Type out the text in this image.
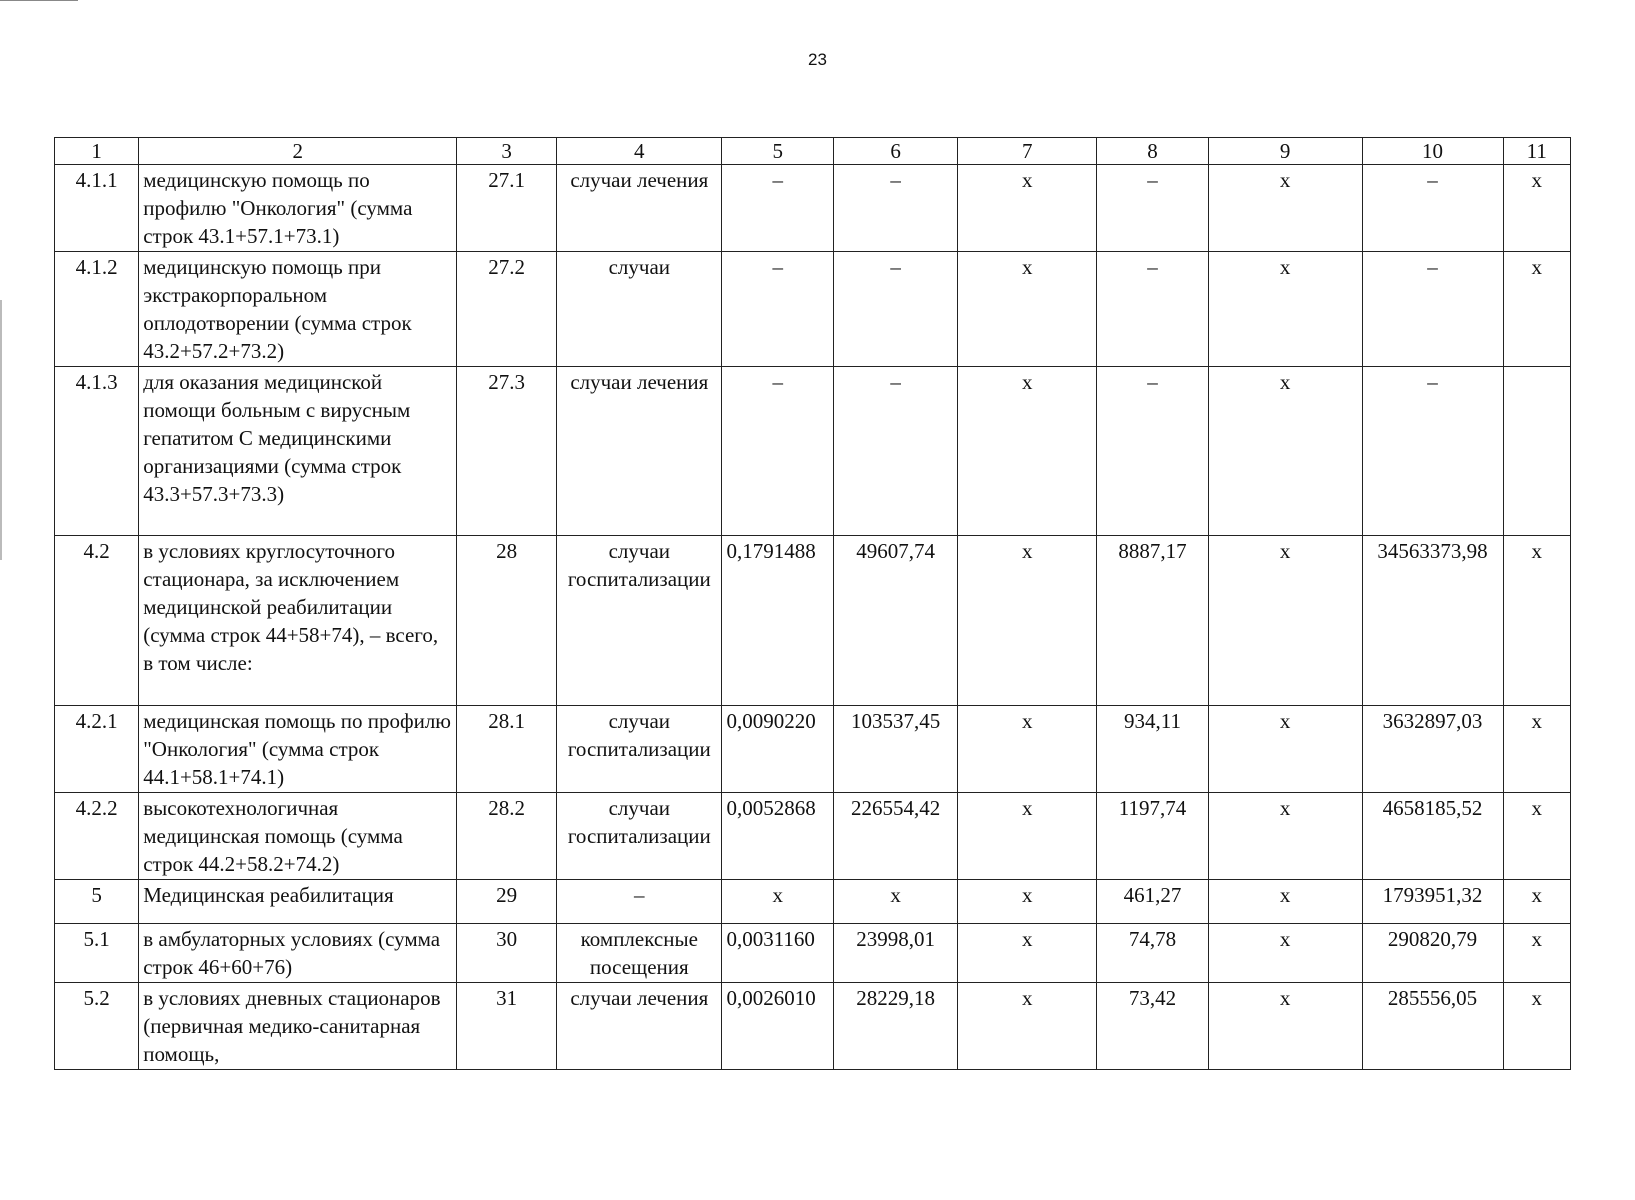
23
1	2	3	4	5	6	7	8	9	10	11
4.1.1	медицинскую помощь по профилю "Онкология" (сумма строк 43.1+57.1+73.1)	27.1	случаи лечения	–	–	х	–	х	–	х
4.1.2	медицинскую помощь при экстракорпоральном оплодотворении (сумма строк 43.2+57.2+73.2)	27.2	случаи	–	–	х	–	х	–	х
4.1.3	для оказания медицинской помощи больным с вирусным гепатитом С медицинскими организациями (сумма строк 43.3+57.3+73.3)	27.3	случаи лечения	–	–	х	–	х	–	
4.2	в условиях круглосуточного стационара, за исключением медицинской реабилитации (сумма строк 44+58+74), – всего, в том числе:	28	случаи госпитализации	0,1791488	49607,74	х	8887,17	х	34563373,98	х
4.2.1	медицинская помощь по профилю "Онкология" (сумма строк 44.1+58.1+74.1)	28.1	случаи госпитализации	0,0090220	103537,45	х	934,11	х	3632897,03	х
4.2.2	высокотехнологичная медицинская помощь (сумма строк 44.2+58.2+74.2)	28.2	случаи госпитализации	0,0052868	226554,42	х	1197,74	х	4658185,52	х
5	Медицинская реабилитация	29	–	х	х	х	461,27	х	1793951,32	х
5.1	в амбулаторных условиях (сумма строк 46+60+76)	30	комплексные посещения	0,0031160	23998,01	х	74,78	х	290820,79	х
5.2	в условиях дневных стационаров (первичная медико-санитарная помощь,	31	случаи лечения	0,0026010	28229,18	х	73,42	х	285556,05	х
